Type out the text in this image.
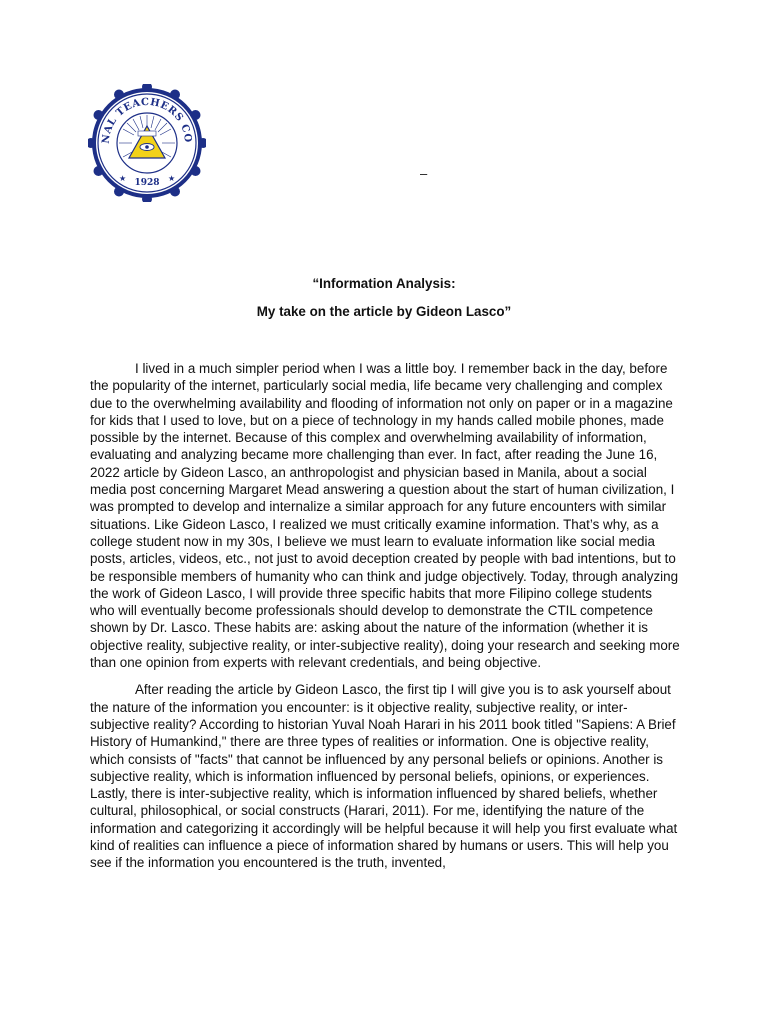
NAL TEACHERS CO
1928
★	★	–
“Information Analysis:
My take on the article by Gideon Lasco”

I lived in a much simpler period when I was a little boy. I remember back in the day, before the popularity of the internet, particularly social media, life became very challenging and complex due to the overwhelming availability and flooding of information not only on paper or in a magazine for kids that I used to love, but on a piece of technology in my hands called mobile phones, made possible by the internet. Because of this complex and overwhelming availability of information, evaluating and analyzing became more challenging than ever. In fact, after reading the June 16, 2022 article by Gideon Lasco, an anthropologist and physician based in Manila, about a social media post concerning Margaret Mead answering a question about the start of human civilization, I was prompted to develop and internalize a similar approach for any future encounters with similar situations. Like Gideon Lasco, I realized we must critically examine information. That’s why, as a college student now in my 30s, I believe we must learn to evaluate information like social media posts, articles, videos, etc., not just to avoid deception created by people with bad intentions, but to be responsible members of humanity who can think and judge objectively. Today, through analyzing the work of Gideon Lasco, I will provide three specific habits that more Filipino college students who will eventually become professionals should develop to demonstrate the CTIL competence shown by Dr. Lasco. These habits are: asking about the nature of the information (whether it is objective reality, subjective reality, or inter-subjective reality), doing your research and seeking more than one opinion from experts with relevant credentials, and being objective.

After reading the article by Gideon Lasco, the first tip I will give you is to ask yourself about the nature of the information you encounter: is it objective reality, subjective reality, or inter-subjective reality? According to historian Yuval Noah Harari in his 2011 book titled "Sapiens: A Brief History of Humankind," there are three types of realities or information. One is objective reality, which consists of "facts" that cannot be influenced by any personal beliefs or opinions. Another is subjective reality, which is information influenced by personal beliefs, opinions, or experiences. Lastly, there is inter-subjective reality, which is information influenced by shared beliefs, whether cultural, philosophical, or social constructs (Harari, 2011). For me, identifying the nature of the information and categorizing it accordingly will be helpful because it will help you first evaluate what kind of realities can influence a piece of information shared by humans or users. This will help you see if the information you encountered is the truth, invented,
